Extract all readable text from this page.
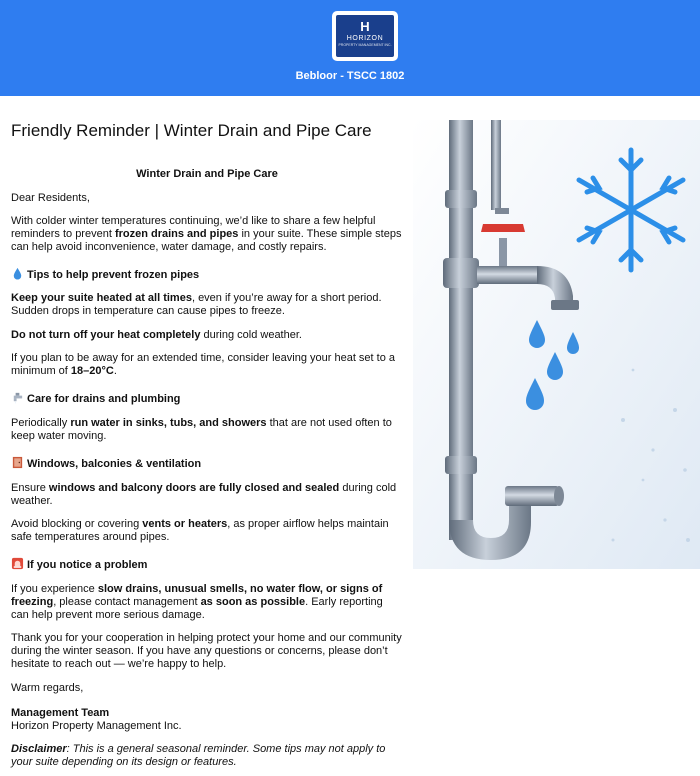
H
HORIZON
PROPERTY MANAGEMENT INC.
Bebloor - TSCC 1802
Friendly Reminder | Winter Drain and Pipe Care
Winter Drain and Pipe Care

Dear Residents,

With colder winter temperatures continuing, we’d like to share a few helpful reminders to prevent frozen drains and pipes in your suite. These simple steps can help avoid inconvenience, water damage, and costly repairs.

Tips to help prevent frozen pipes

Keep your suite heated at all times, even if you’re away for a short period. Sudden drops in temperature can cause pipes to freeze.

Do not turn off your heat completely during cold weather.

If you plan to be away for an extended time, consider leaving your heat set to a minimum of 18–20°C.

Care for drains and plumbing

Periodically run water in sinks, tubs, and showers that are not used often to keep water moving.

Windows, balconies & ventilation

Ensure windows and balcony doors are fully closed and sealed during cold weather.

Avoid blocking or covering vents or heaters, as proper airflow helps maintain safe temperatures around pipes.

If you notice a problem

If you experience slow drains, unusual smells, no water flow, or signs of freezing, please contact management as soon as possible. Early reporting can help prevent more serious damage.

Thank you for your cooperation in helping protect your home and our community during the winter season. If you have any questions or concerns, please don’t hesitate to reach out — we’re happy to help.

Warm regards,

Management Team
Horizon Property Management Inc.

Disclaimer: This is a general seasonal reminder. Some tips may not apply to your suite depending on its design or features.
